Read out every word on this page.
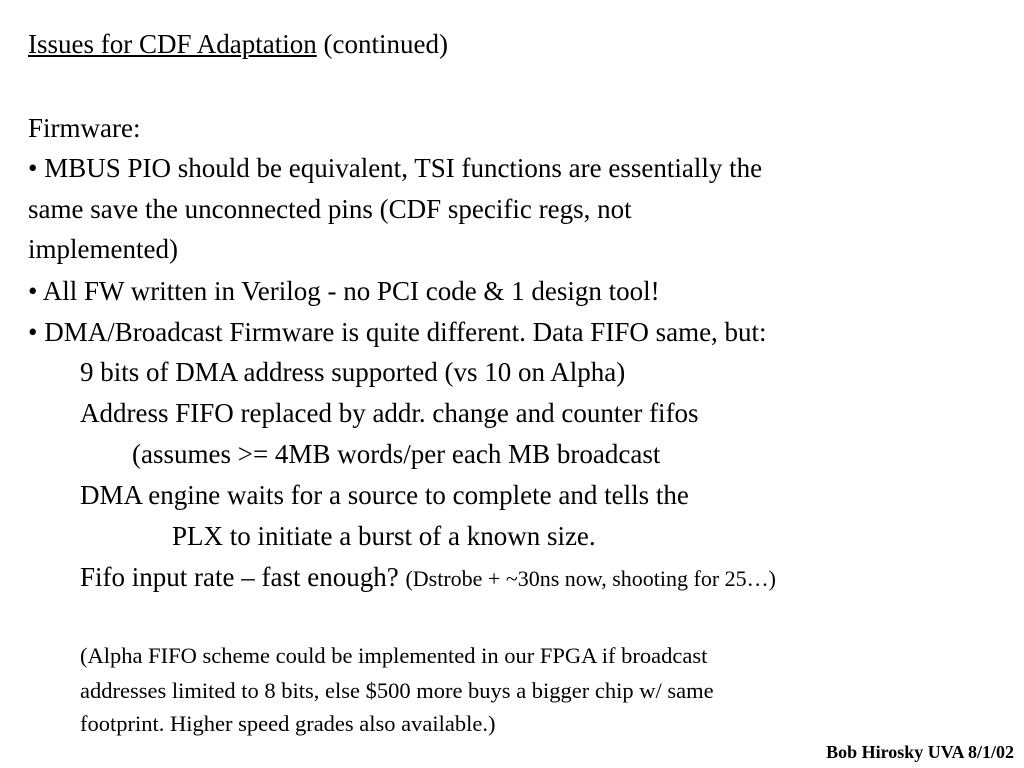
Issues for CDF Adaptation (continued)
Firmware:
• MBUS PIO should be equivalent, TSI functions are essentially the
same save the unconnected pins (CDF specific regs, not
implemented)
• All FW written in Verilog - no PCI code & 1 design tool!
• DMA/Broadcast Firmware is quite different. Data FIFO same, but:
9 bits of DMA address supported (vs 10 on Alpha)
Address FIFO replaced by addr. change and counter fifos
(assumes >= 4MB words/per each MB broadcast
DMA engine waits for a source to complete and tells the
PLX to initiate a burst of a known size.
Fifo input rate – fast enough? (Dstrobe + ~30ns now, shooting for 25…)
(Alpha FIFO scheme could be implemented in our FPGA if broadcast
addresses limited to 8 bits, else $500 more buys a bigger chip w/ same
footprint. Higher speed grades also available.)
Bob Hirosky UVA 8/1/02
